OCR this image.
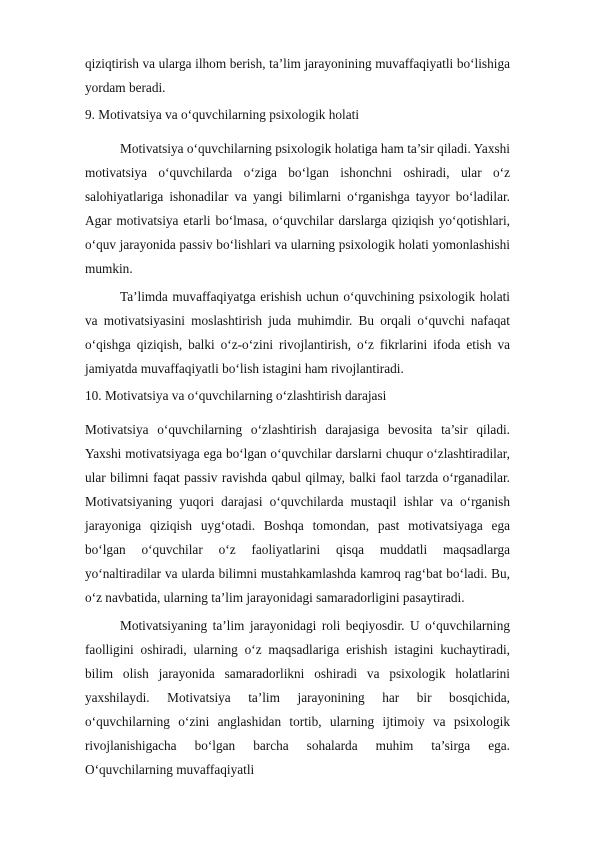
qiziqtirish va ularga ilhom berish, ta’lim jarayonining muvaffaqiyatli bo‘lishiga yordam beradi.

9. Motivatsiya va o‘quvchilarning psixologik holati

Motivatsiya o‘quvchilarning psixologik holatiga ham ta’sir qiladi. Yaxshi motivatsiya o‘quvchilarda o‘ziga bo‘lgan ishonchni oshiradi, ular o‘z salohiyatlariga ishonadilar va yangi bilimlarni o‘rganishga tayyor bo‘ladilar. Agar motivatsiya etarli bo‘lmasa, o‘quvchilar darslarga qiziqish yo‘qotishlari, o‘quv jarayonida passiv bo‘lishlari va ularning psixologik holati yomonlashishi mumkin.

Ta’limda muvaffaqiyatga erishish uchun o‘quvchining psixologik holati va motivatsiyasini moslashtirish juda muhimdir. Bu orqali o‘quvchi nafaqat o‘qishga qiziqish, balki o‘z-o‘zini rivojlantirish, o‘z fikrlarini ifoda etish va jamiyatda muvaffaqiyatli bo‘lish istagini ham rivojlantiradi.

10. Motivatsiya va o‘quvchilarning o‘zlashtirish darajasi

Motivatsiya o‘quvchilarning o‘zlashtirish darajasiga bevosita ta’sir qiladi. Yaxshi motivatsiyaga ega bo‘lgan o‘quvchilar darslarni chuqur o‘zlashtiradilar, ular bilimni faqat passiv ravishda qabul qilmay, balki faol tarzda o‘rganadilar. Motivatsiyaning yuqori darajasi o‘quvchilarda mustaqil ishlar va o‘rganish jarayoniga qiziqish uyg‘otadi. Boshqa tomondan, past motivatsiyaga ega bo‘lgan o‘quvchilar o‘z faoliyatlarini qisqa muddatli maqsadlarga yo‘naltiradilar va ularda bilimni mustahkamlashda kamroq rag‘bat bo‘ladi. Bu, o‘z navbatida, ularning ta’lim jarayonidagi samaradorligini pasaytiradi.

Motivatsiyaning ta’lim jarayonidagi roli beqiyosdir. U o‘quvchilarning faolligini oshiradi, ularning o‘z maqsadlariga erishish istagini kuchaytiradi, bilim olish jarayonida samaradorlikni oshiradi va psixologik holatlarini yaxshilaydi. Motivatsiya ta’lim jarayonining har bir bosqichida, o‘quvchilarning o‘zini anglashidan tortib, ularning ijtimoiy va psixologik rivojlanishigacha bo‘lgan barcha sohalarda muhim ta’sirga ega. O‘quvchilarning muvaffaqiyatli
